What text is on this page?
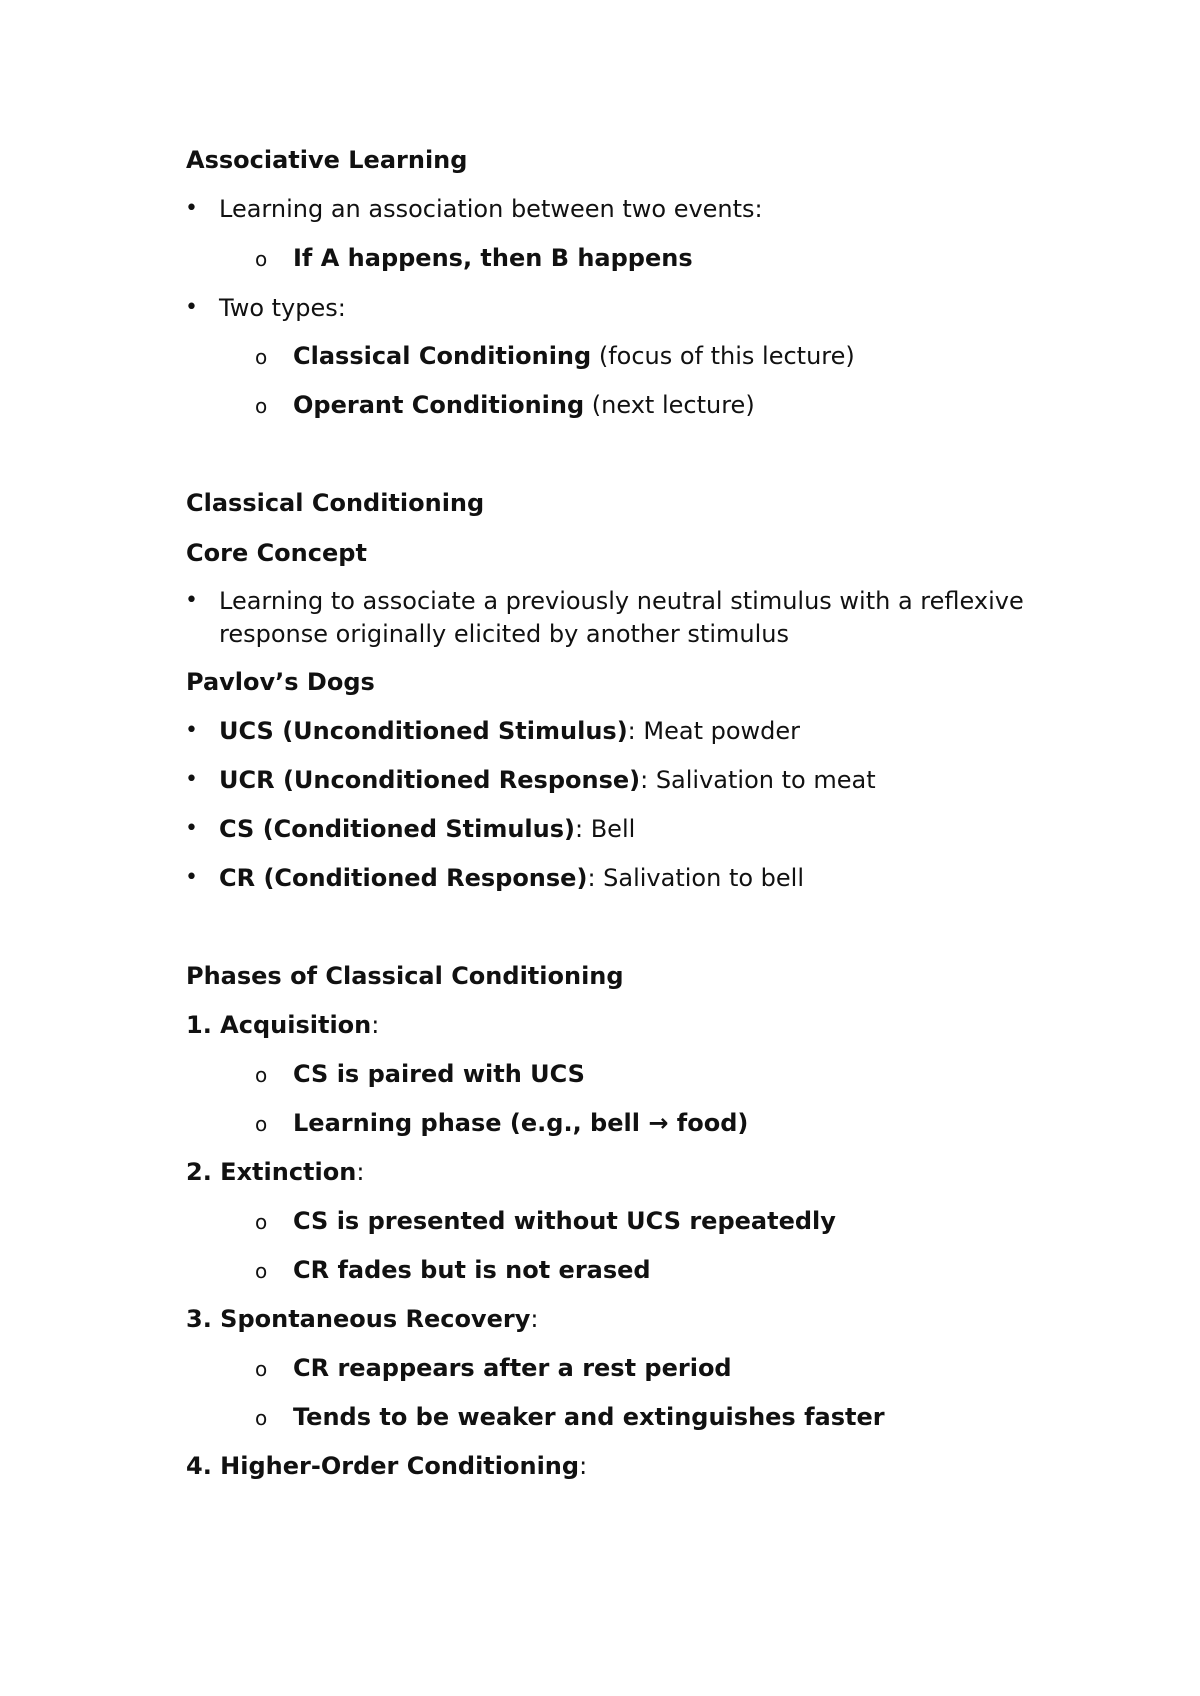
Associative Learning
• Learning an association between two events:
o If A happens, then B happens
• Two types:
o Classical Conditioning (focus of this lecture)
o Operant Conditioning (next lecture)
Classical Conditioning
Core Concept
• Learning to associate a previously neutral stimulus with a reflexive
response originally elicited by another stimulus
Pavlov’s Dogs
• UCS (Unconditioned Stimulus): Meat powder
• UCR (Unconditioned Response): Salivation to meat
• CS (Conditioned Stimulus): Bell
• CR (Conditioned Response): Salivation to bell
Phases of Classical Conditioning
1. Acquisition:
o CS is paired with UCS
o Learning phase (e.g., bell → food)
2. Extinction:
o CS is presented without UCS repeatedly
o CR fades but is not erased
3. Spontaneous Recovery:
o CR reappears after a rest period
o Tends to be weaker and extinguishes faster
4. Higher-Order Conditioning:
